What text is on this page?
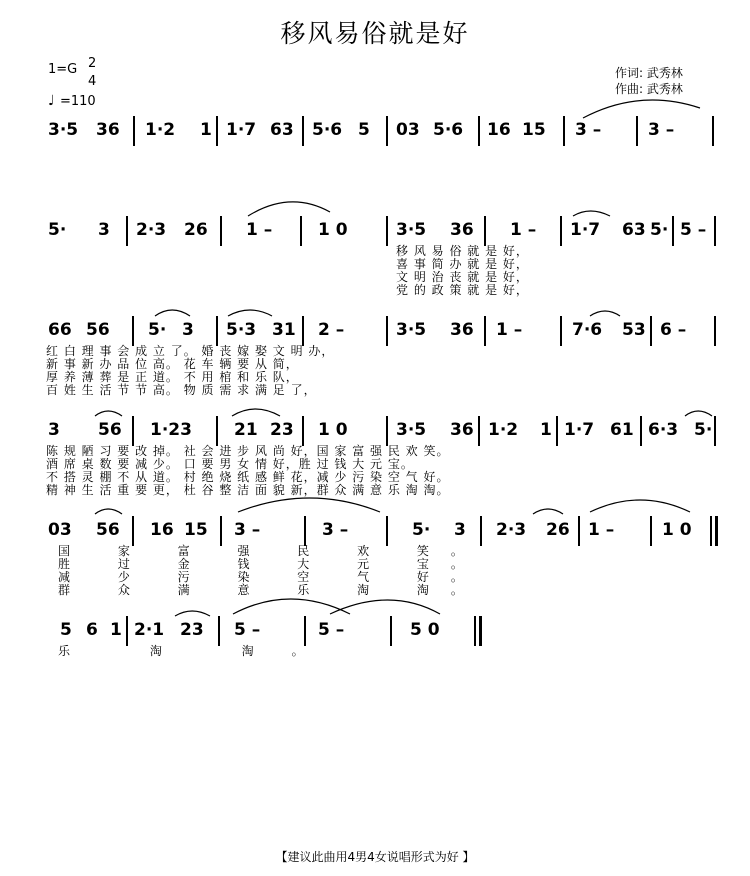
移风易俗就是好
1=G 2
4
♩ =110
作词: 武秀林
作曲: 武秀林
3·5 36 1·2 1 1·7 63 5·6 5 03 5·6 16 15 3 –	3 –
5· 3 2·3 26 1 –	1 0	3·5 36 1 – 1·7 63 5· 5 –
移 风 易 俗 就 是 好，
喜 事 简 办 就 是 好，
文 明 治 丧 就 是 好，
党 的 政 策 就 是 好，
66 56 5· 3 5·3 31 2 –	3·5 36 1 –	7·6 53 6 –
红 白 理 事 会 成 立 了。 婚 丧 嫁 娶 文 明 办，
新 事 新 办 品 位 高。 花 车 辆 要 从 简，
厚 养 薄 葬 是 正 道。 不 用 棺 和 乐 队，
百 姓 生 活 节 节 高。 物 质 需 求 满 足 了，
3 56 1·23 21 23 1 0	3·5 36 1·2 1 1·7 61 6·3 5·
陈 规 陋 习 要 改 掉。 社 会 进 步 风 尚 好，国 家 富 强 民 欢 笑。
酒 席 桌 数 要 减 少。 口 要 男 女 情 好，胜 过 钱 大 元 宝。
不 搭 灵 棚 不 从 道。 村 绝 烧 纸 感 鲜 花，减 少 污 染 空 气 好。
精 神 生 活 重 要 更， 杜 谷 整 洁 面 貌 新，群 众 满 意 乐 淘 淘。
03 56 16 15 3 –	3 –	5· 3 2·3 26 1 –	1 0
国 家 富 强 民 欢 笑。
胜 过 金 钱 大 元 宝。
减 少 污 染 空 气 好。
群 众 满 意 乐 淘 淘。
5 6 1 2·1 23 5 –	5 –	5 0
乐 淘 淘。
【建议此曲用4男4女说唱形式为好 】
